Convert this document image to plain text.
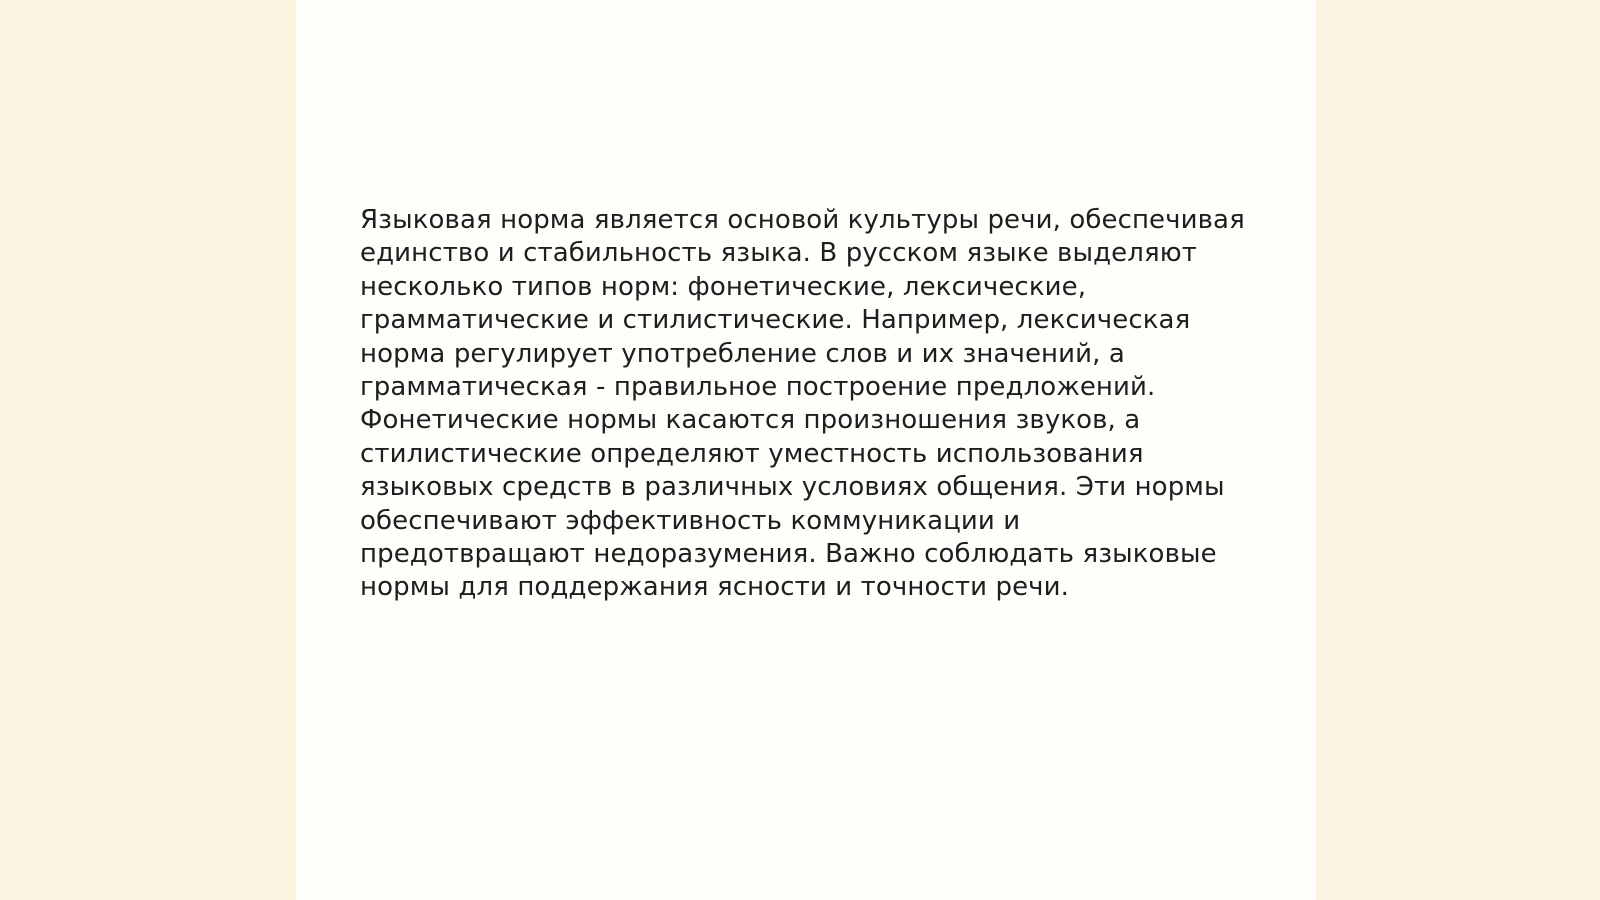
Языковая норма является основой культуры речи, обеспечивая
единство и стабильность языка. В русском языке выделяют
несколько типов норм: фонетические, лексические,
грамматические и стилистические. Например, лексическая
норма регулирует употребление слов и их значений, а
грамматическая - правильное построение предложений.
Фонетические нормы касаются произношения звуков, а
стилистические определяют уместность использования
языковых средств в различных условиях общения. Эти нормы
обеспечивают эффективность коммуникации и
предотвращают недоразумения. Важно соблюдать языковые
нормы для поддержания ясности и точности речи.
